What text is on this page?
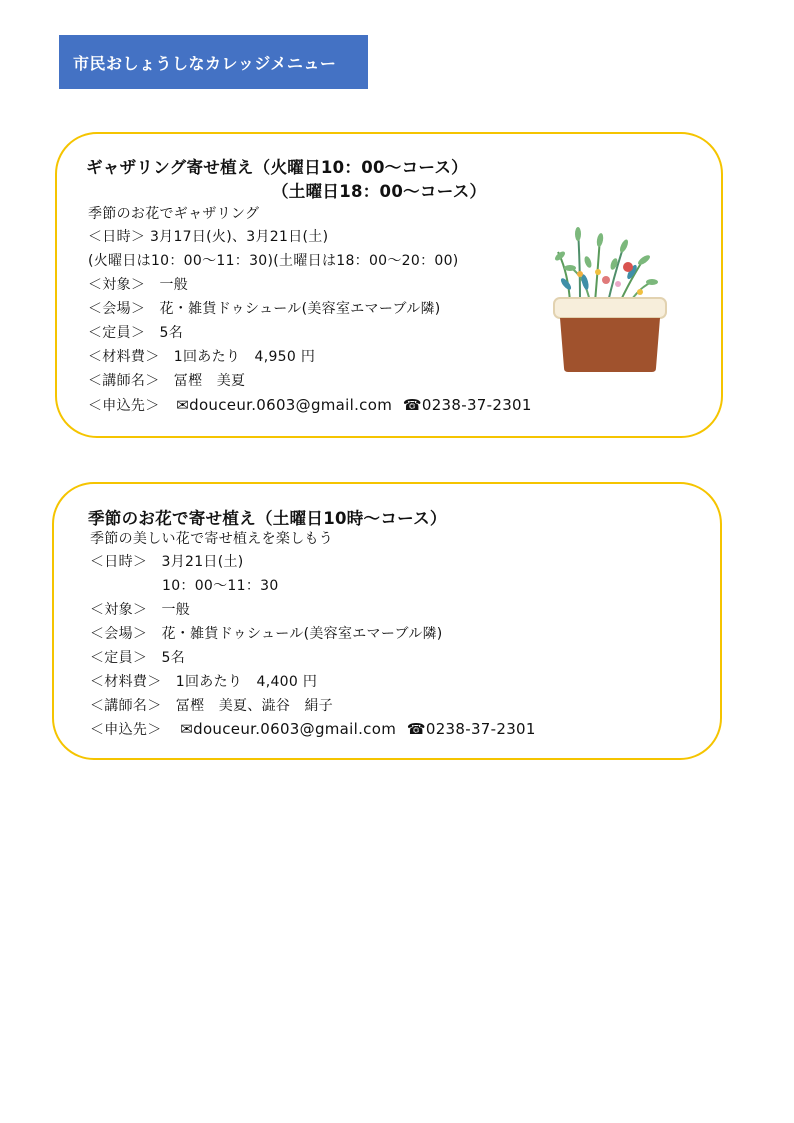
市民おしょうしなカレッジメニュー
ギャザリング寄せ植え（火曜日10：00～コース）
（土曜日18：00～コース）
季節のお花でギャザリング
＜日時＞ 3月17日(火)、3月21日(土)
(火曜日は10：00～11：30)(土曜日は18：00～20：00)
＜対象＞　一般
＜会場＞　花・雑貨ドゥシュール(美容室エマーブル隣)
＜定員＞　5名
＜材料費＞　1回あたり　4,950 円
＜講師名＞　冨樫　美夏
＜申込先＞ ✉douceur.0603@gmail.com ☎0238-37-2301
季節のお花で寄せ植え（土曜日10時～コース）
季節の美しい花で寄せ植えを楽しもう
＜日時＞　3月21日(土)
10：00～11：30
＜対象＞　一般
＜会場＞　花・雑貨ドゥシュール(美容室エマーブル隣)
＜定員＞　5名
＜材料費＞　1回あたり　4,400 円
＜講師名＞　冨樫　美夏、澁谷　絹子
＜申込先＞ ✉douceur.0603@gmail.com ☎0238-37-2301
